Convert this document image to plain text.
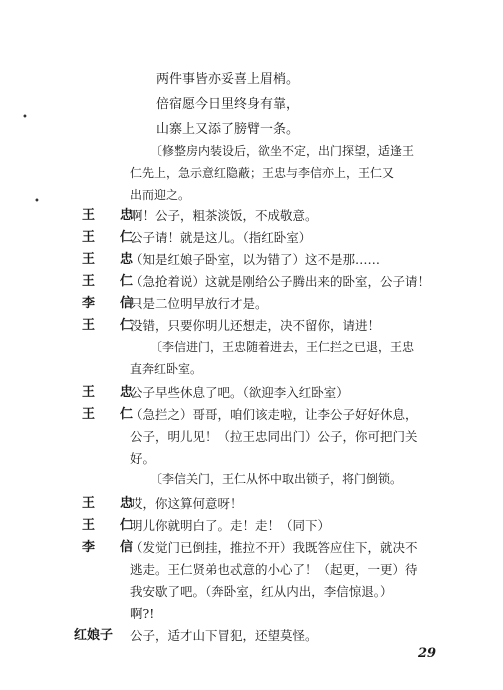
•
•
两件事皆亦妥喜上眉梢。
倍宿愿今日里终身有靠，
山寨上又添了膀臂一条。
〔修整房内装设后，欲坐不定，出门探望，适逢王
仁先上，急示意红隐蔽；王忠与李信亦上，王仁又
出而迎之。
王　忠
啊！公子，粗茶淡饭，不成敬意。
王　仁
公子请！就是这儿。（指红卧室）
王　忠
（知是红娘子卧室，以为错了）这不是那……
王　仁
（急抢着说）这就是刚给公子腾出来的卧室，公子请！
李　信
只是二位明早放行才是。
王　仁
没错，只要你明儿还想走，决不留你，请进！
〔李信进门，王忠随着进去，王仁拦之已退，王忠
直奔红卧室。
王　忠
公子早些休息了吧。（欲迎李入红卧室）
王　仁
（急拦之）哥哥，咱们该走啦，让李公子好好休息，
公子，明儿见！（拉王忠同出门）公子，你可把门关
好。
〔李信关门，王仁从怀中取出锁子，将门倒锁。
王　忠
哎，你这算何意呀！
王　仁
明儿你就明白了。走！走！（同下）
李　信
（发觉门已倒挂，推拉不开）我既答应住下，就决不
逃走。王仁贤弟也忒意的小心了！（起更，一更）待
我安歇了吧。（奔卧室，红从内出，李信惊退。）
啊?!
红娘子 公子，适才山下冒犯，还望莫怪。
29
